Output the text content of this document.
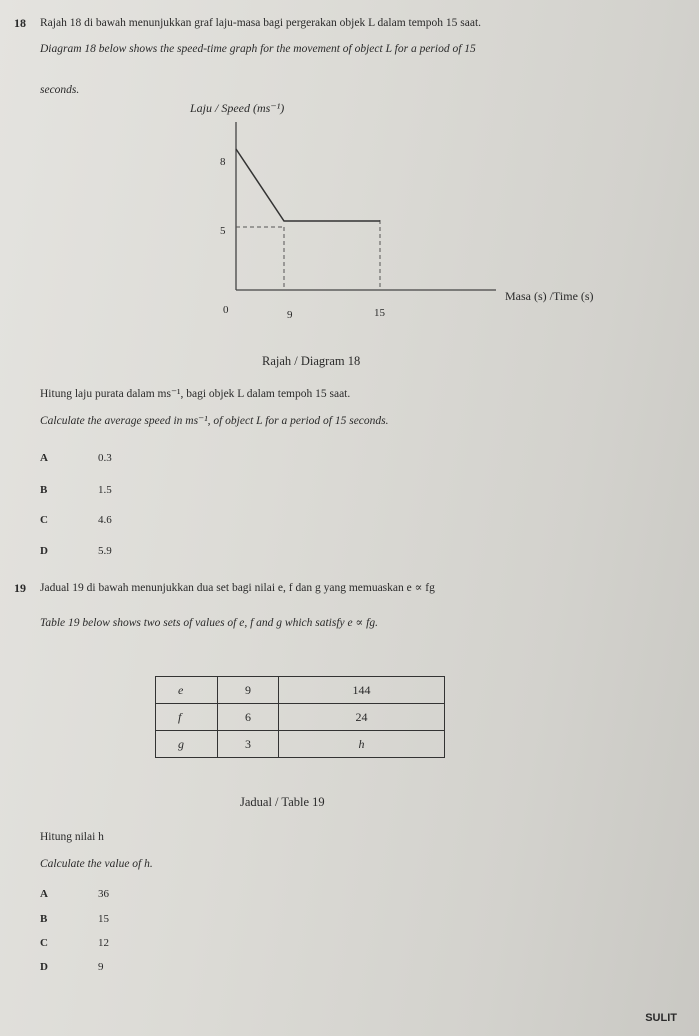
18 Rajah 18 di bawah menunjukkan graf laju-masa bagi pergerakan objek L dalam tempoh 15 saat.
Diagram 18 below shows the speed-time graph for the movement of object L for a period of 15
seconds.
Laju / Speed (ms⁻¹)
8
5
0	9	15
Masa (s) /Time (s)
Rajah / Diagram 18
Hitung laju purata dalam ms⁻¹, bagi objek L dalam tempoh 15 saat.
Calculate the average speed in ms⁻¹, of object L for a period of 15 seconds.
A	0.3
B	1.5
C	4.6
D	5.9
19 Jadual 19 di bawah menunjukkan dua set bagi nilai e, f dan g yang memuaskan e ∝ fg
Table 19 below shows two sets of values of e, f and g which satisfy e ∝ fg.
e	9	144
f	6	24
g	3	h
Jadual / Table 19
Hitung nilai h
Calculate the value of h.
A	36
B	15
C	12
D	9
SULIT
